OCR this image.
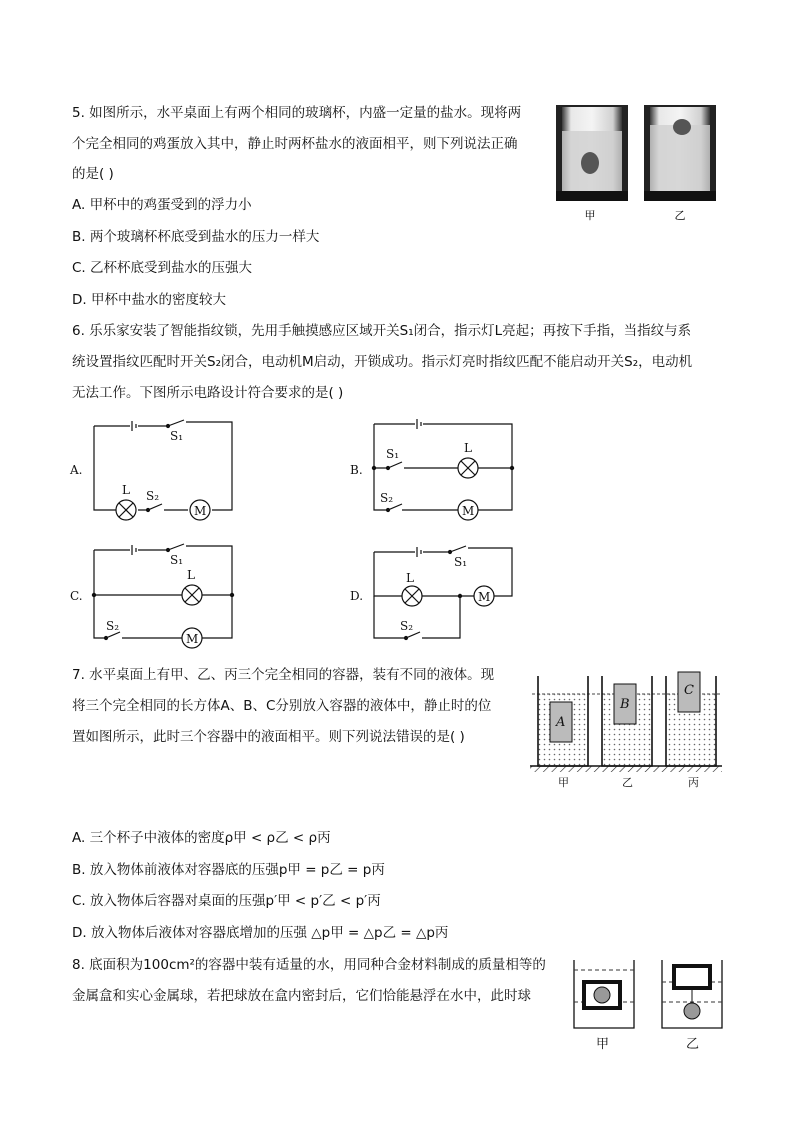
5. 如图所示，水平桌面上有两个相同的玻璃杯，内盛一定量的盐水。现将两
个完全相同的鸡蛋放入其中，静止时两杯盐水的液面相平，则下列说法正确
的是( )
A. 甲杯中的鸡蛋受到的浮力小
B. 两个玻璃杯杯底受到盐水的压力一样大
C. 乙杯杯底受到盐水的压强大
D. 甲杯中盐水的密度较大
甲	乙
6. 乐乐家安装了智能指纹锁，先用手触摸感应区域开关S₁闭合，指示灯L亮起；再按下手指，当指纹与系
统设置指纹匹配时开关S₂闭合，电动机M启动，开锁成功。指示灯亮时指纹匹配不能启动开关S₂，电动机
无法工作。下图所示电路设计符合要求的是( )
A.
S₁
L S₂
M
B.
S₁	L
S₂
M
C.
S₁
L
S₂
M
D.
S₁
L
M
S₂
7. 水平桌面上有甲、乙、丙三个完全相同的容器，装有不同的液体。现
将三个完全相同的长方体A、B、C分别放入容器的液体中，静止时的位
置如图所示，此时三个容器中的液面相平。则下列说法错误的是( )
A
B
C
甲	乙	丙
A. 三个杯子中液体的密度ρ甲 < ρ乙 < ρ丙
B. 放入物体前液体对容器底的压强p甲 = p乙 = p丙
C. 放入物体后容器对桌面的压强p′甲 < p′乙 < p′丙
D. 放入物体后液体对容器底增加的压强 △p甲 = △p乙 = △p丙
8. 底面积为100cm²的容器中装有适量的水，用同种合金材料制成的质量相等的
金属盒和实心金属球，若把球放在盒内密封后，它们恰能悬浮在水中，此时球
甲	乙
